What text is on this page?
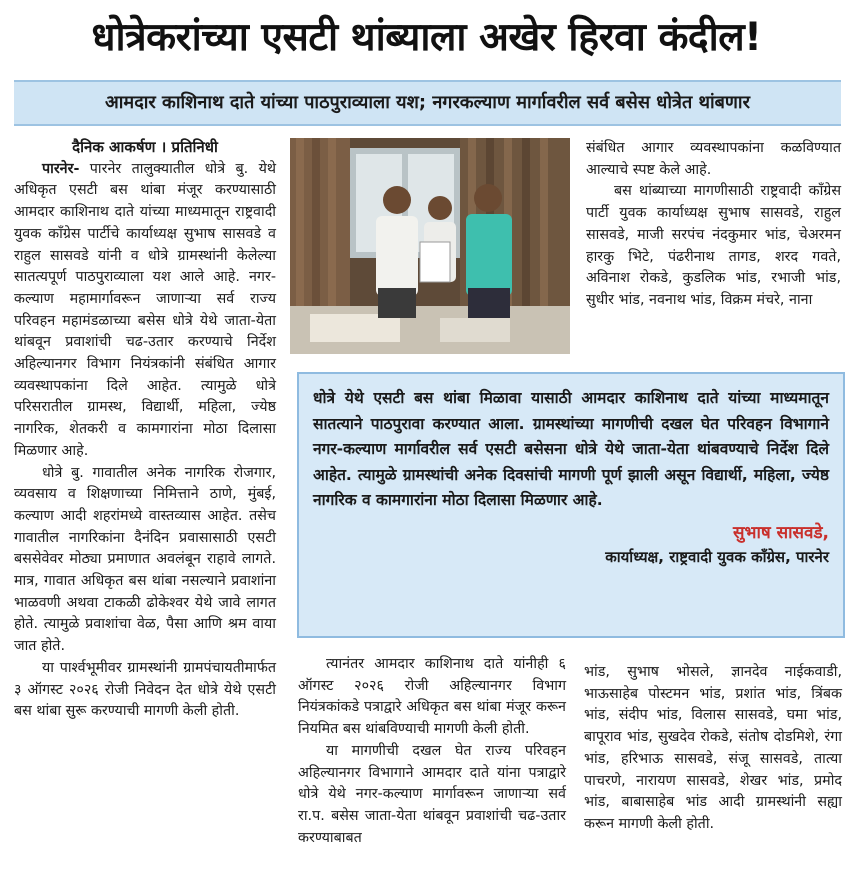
धोत्रेकरांच्या एसटी थांब्याला अखेर हिरवा कंदील!
आमदार काशिनाथ दाते यांच्या पाठपुराव्याला यश; नगरकल्याण मार्गावरील सर्व बसेस धोत्रेत थांबणार

दैनिक आकर्षण । प्रतिनिधी

पारनेर- पारनेर तालुक्यातील धोत्रे बु. येथे अधिकृत एसटी बस थांबा मंजूर करण्यासाठी आमदार काशिनाथ दाते यांच्या माध्यमातून राष्ट्रवादी युवक काँग्रेस पार्टीचे कार्याध्यक्ष सुभाष सासवडे व राहुल सासवडे यांनी व धोत्रे ग्रामस्थांनी केलेल्या सातत्यपूर्ण पाठपुराव्याला यश आले आहे. नगर-कल्याण महामार्गावरून जाणाऱ्या सर्व राज्य परिवहन महामंडळाच्या बसेस धोत्रे येथे जाता-येता थांबवून प्रवाशांची चढ-उतार करण्याचे निर्देश अहिल्यानगर विभाग नियंत्रकांनी संबंधित आगार व्यवस्थापकांना दिले आहेत. त्यामुळे धोत्रे परिसरातील ग्रामस्थ, विद्यार्थी, महिला, ज्येष्ठ नागरिक, शेतकरी व कामगारांना मोठा दिलासा मिळणार आहे.

धोत्रे बु. गावातील अनेक नागरिक रोजगार, व्यवसाय व शिक्षणाच्या निमित्ताने ठाणे, मुंबई, कल्याण आदी शहरांमध्ये वास्तव्यास आहेत. तसेच गावातील नागरिकांना दैनंदिन प्रवासासाठी एसटी बससेवेवर मोठ्या प्रमाणात अवलंबून राहावे लागते. मात्र, गावात अधिकृत बस थांबा नसल्याने प्रवाशांना भाळवणी अथवा टाकळी ढोकेश्वर येथे जावे लागत होते. त्यामुळे प्रवाशांचा वेळ, पैसा आणि श्रम वाया जात होते.

या पार्श्वभूमीवर ग्रामस्थांनी ग्रामपंचायतीमार्फत ३ ऑगस्ट २०२६ रोजी निवेदन देत धोत्रे येथे एसटी बस थांबा सुरू करण्याची मागणी केली होती.

संबंधित आगार व्यवस्थापकांना कळविण्यात आल्याचे स्पष्ट केले आहे.

बस थांब्याच्या मागणीसाठी राष्ट्रवादी काँग्रेस पार्टी युवक कार्याध्यक्ष सुभाष सासवडे, राहुल सासवडे, माजी सरपंच नंदकुमार भांड, चेअरमन हारकु भिटे, पंढरीनाथ तागड, शरद गवते, अविनाश रोकडे, कुडलिक भांड, रभाजी भांड, सुधीर भांड, नवनाथ भांड, विक्रम मंचरे, नाना

धोत्रे येथे एसटी बस थांबा मिळावा यासाठी आमदार काशिनाथ दाते यांच्या माध्यमातून सातत्याने पाठपुरावा करण्यात आला. ग्रामस्थांच्या मागणीची दखल घेत परिवहन विभागाने नगर-कल्याण मार्गावरील सर्व एसटी बसेसना धोत्रे येथे जाता-येता थांबवण्याचे निर्देश दिले आहेत. त्यामुळे ग्रामस्थांची अनेक दिवसांची मागणी पूर्ण झाली असून विद्यार्थी, महिला, ज्येष्ठ नागरिक व कामगारांना मोठा दिलासा मिळणार आहे.
सुभाष सासवडे,
कार्याध्यक्ष, राष्ट्रवादी युवक काँग्रेस, पारनेर

त्यानंतर आमदार काशिनाथ दाते यांनीही ६ ऑगस्ट २०२६ रोजी अहिल्यानगर विभाग नियंत्रकांकडे पत्राद्वारे अधिकृत बस थांबा मंजूर करून नियमित बस थांबविण्याची मागणी केली होती.

या मागणीची दखल घेत राज्य परिवहन अहिल्यानगर विभागाने आमदार दाते यांना पत्राद्वारे धोत्रे येथे नगर-कल्याण मार्गावरून जाणाऱ्या सर्व रा.प. बसेस जाता-येता थांबवून प्रवाशांची चढ-उतार करण्याबाबत

भांड, सुभाष भोसले, ज्ञानदेव नाईकवाडी, भाऊसाहेब पोस्टमन भांड, प्रशांत भांड, त्रिंबक भांड, संदीप भांड, विलास सासवडे, घमा भांड, बापूराव भांड, सुखदेव रोकडे, संतोष दोडमिशे, रंगा भांड, हरिभाऊ सासवडे, संजू सासवडे, तात्या पाचरणे, नारायण सासवडे, शेखर भांड, प्रमोद भांड, बाबासाहेब भांड आदी ग्रामस्थांनी सह्या करून मागणी केली होती.
